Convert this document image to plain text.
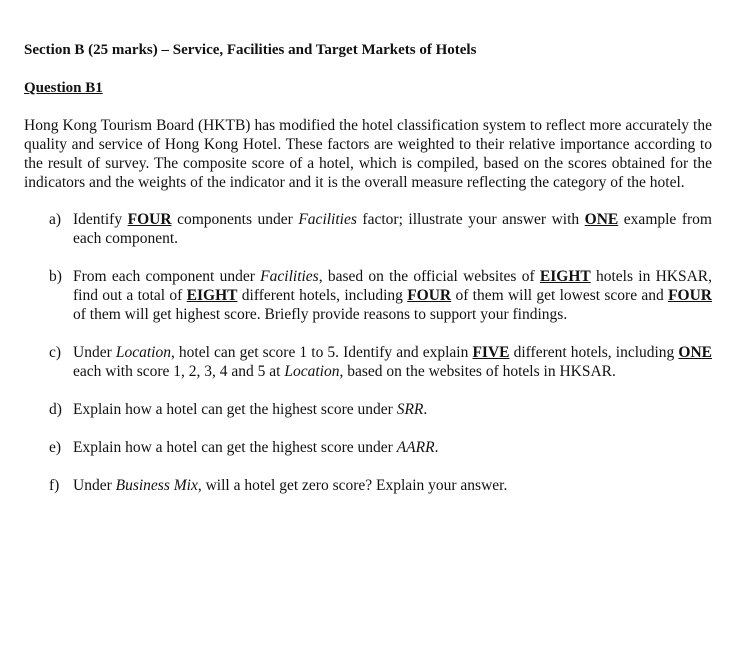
Section B (25 marks) – Service, Facilities and Target Markets of Hotels

Question B1

Hong Kong Tourism Board (HKTB) has modified the hotel classification system to reflect more accurately the quality and service of Hong Kong Hotel. These factors are weighted to their relative importance according to the result of survey. The composite score of a hotel, which is compiled, based on the scores obtained for the indicators and the weights of the indicator and it is the overall measure reflecting the category of the hotel.

a) Identify FOUR components under Facilities factor; illustrate your answer with ONE example from each component.
b) From each component under Facilities, based on the official websites of EIGHT hotels in HKSAR, find out a total of EIGHT different hotels, including FOUR of them will get lowest score and FOUR of them will get highest score. Briefly provide reasons to support your findings.
c) Under Location, hotel can get score 1 to 5. Identify and explain FIVE different hotels, including ONE each with score 1, 2, 3, 4 and 5 at Location, based on the websites of hotels in HKSAR.
d) Explain how a hotel can get the highest score under SRR.
e) Explain how a hotel can get the highest score under AARR.
f) Under Business Mix, will a hotel get zero score? Explain your answer.
